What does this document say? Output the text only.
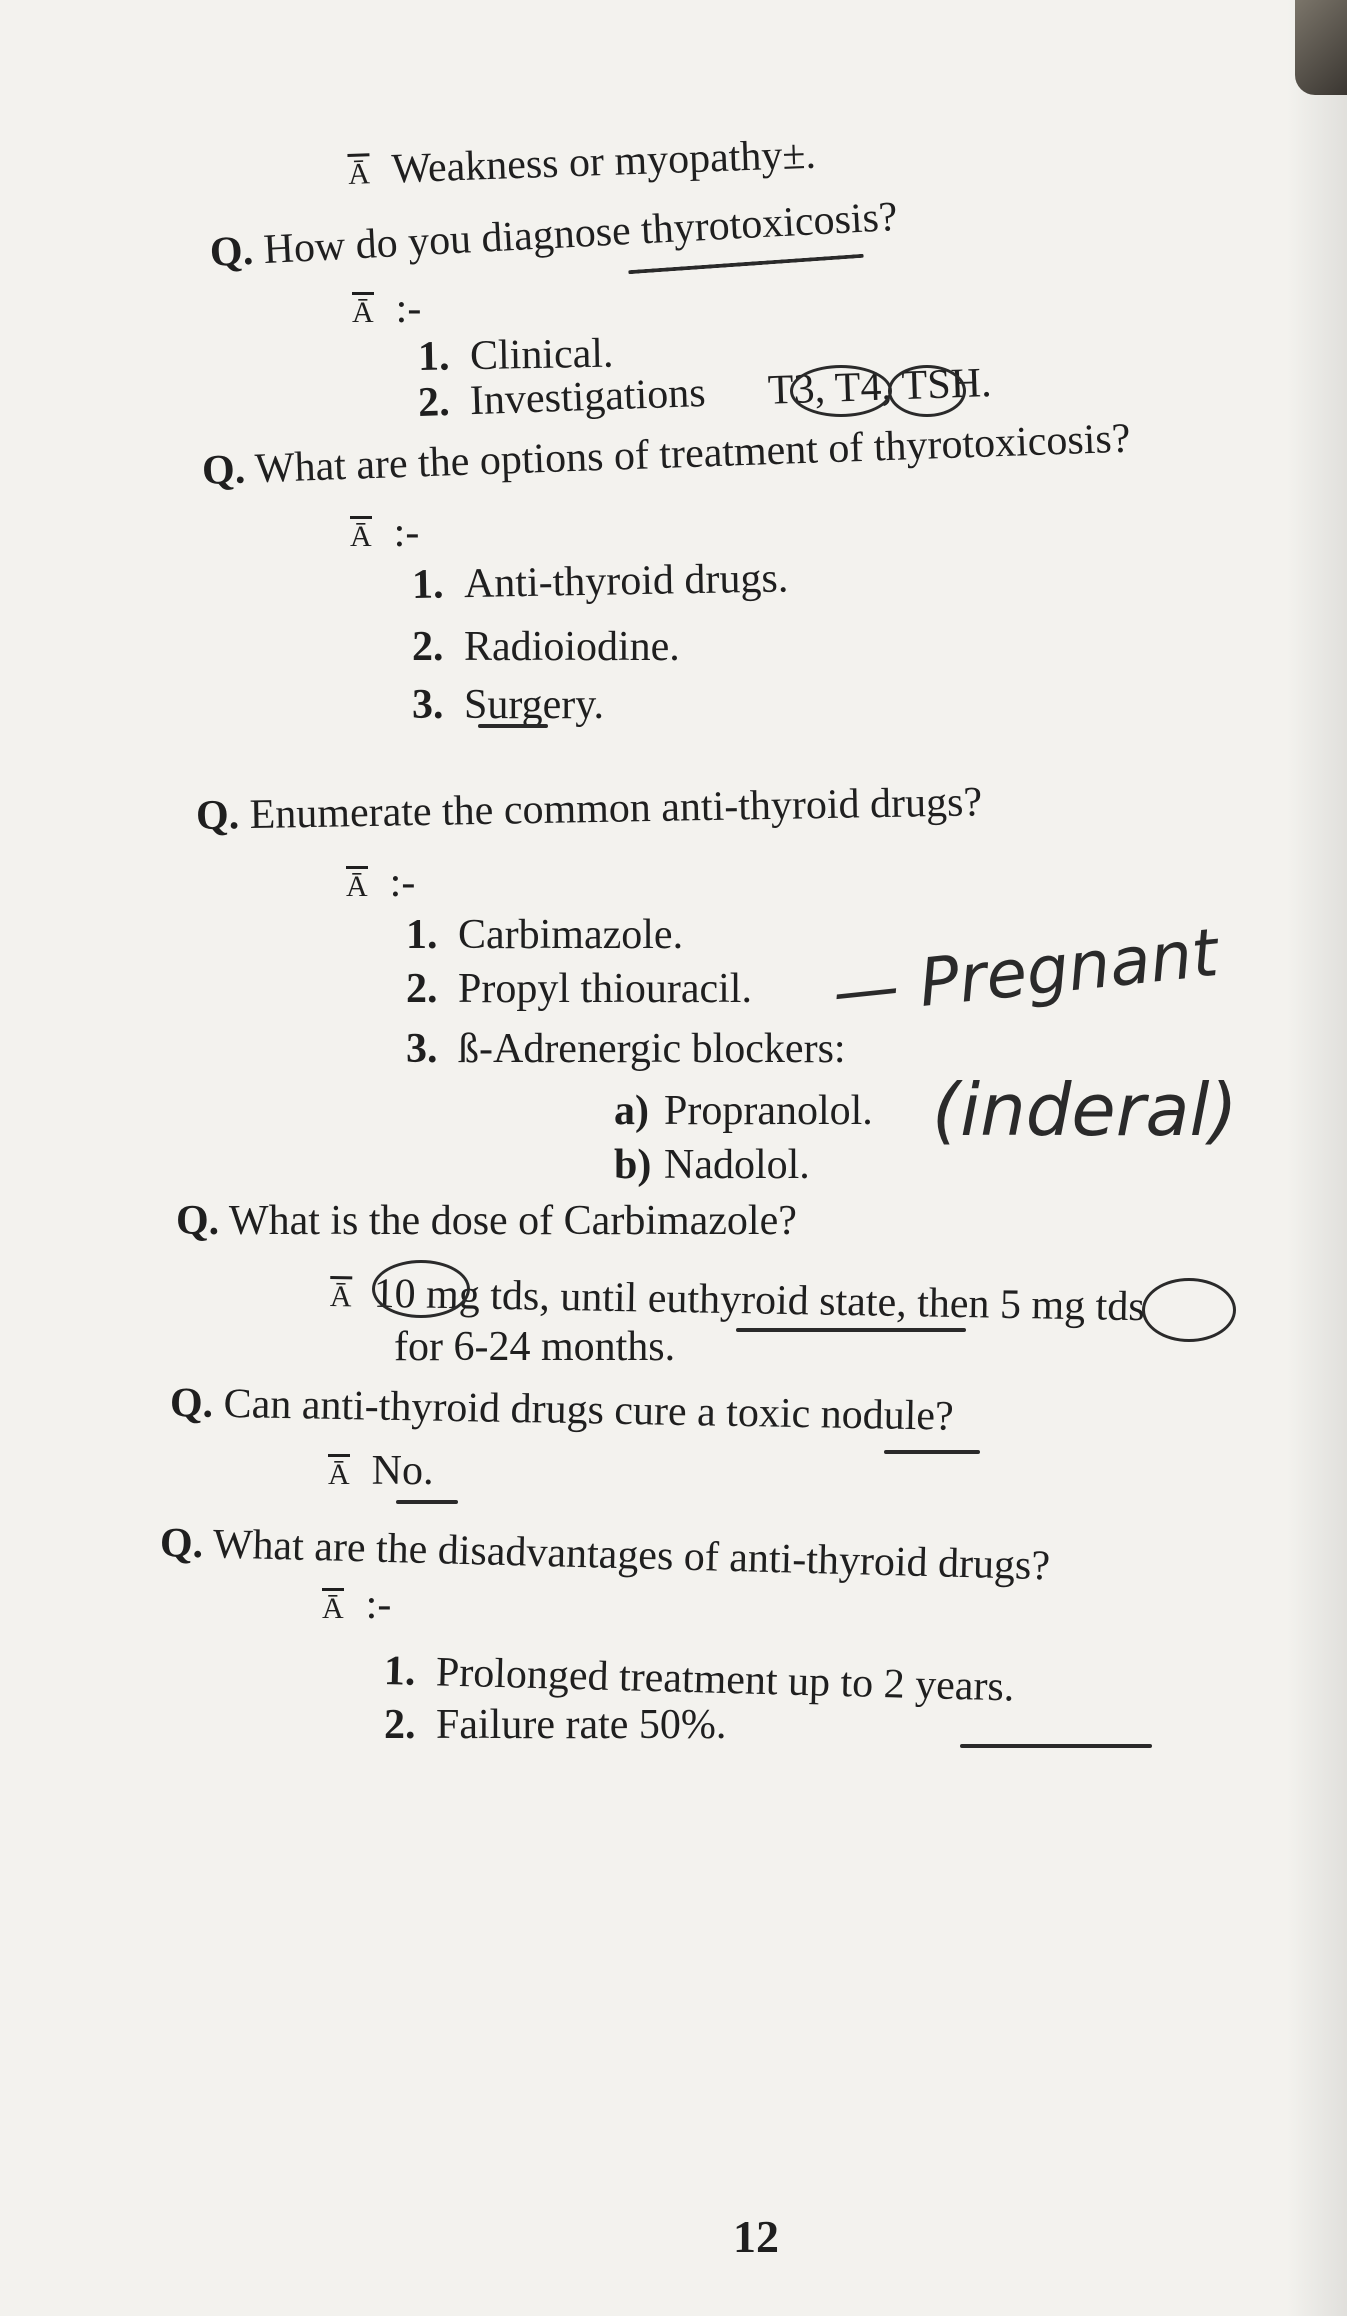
Ā Weakness or myopathy±.
Q. How do you diagnose thyrotoxicosis?
Ā :-
1. Clinical.
2. Investigations T3, T4, TSH.
Q. What are the options of treatment of thyrotoxicosis?
Ā :-
1. Anti-thyroid drugs.
2. Radioiodine.
3. Surgery.
Q. Enumerate the common anti-thyroid drugs?
Ā :-
1. Carbimazole.
2. Propyl thiouracil.
3. ß-Adrenergic blockers:
a) Propranolol.
b) Nadolol.
Q. What is the dose of Carbimazole?
Ā 10 mg tds, until euthyroid state, then 5 mg tds
for 6-24 months.
Q. Can anti-thyroid drugs cure a toxic nodule?
Ā No.
Q. What are the disadvantages of anti-thyroid drugs?
Ā :-
1. Prolonged treatment up to 2 years.
2. Failure rate 50%.
— Pregnant
(inderal)
12
